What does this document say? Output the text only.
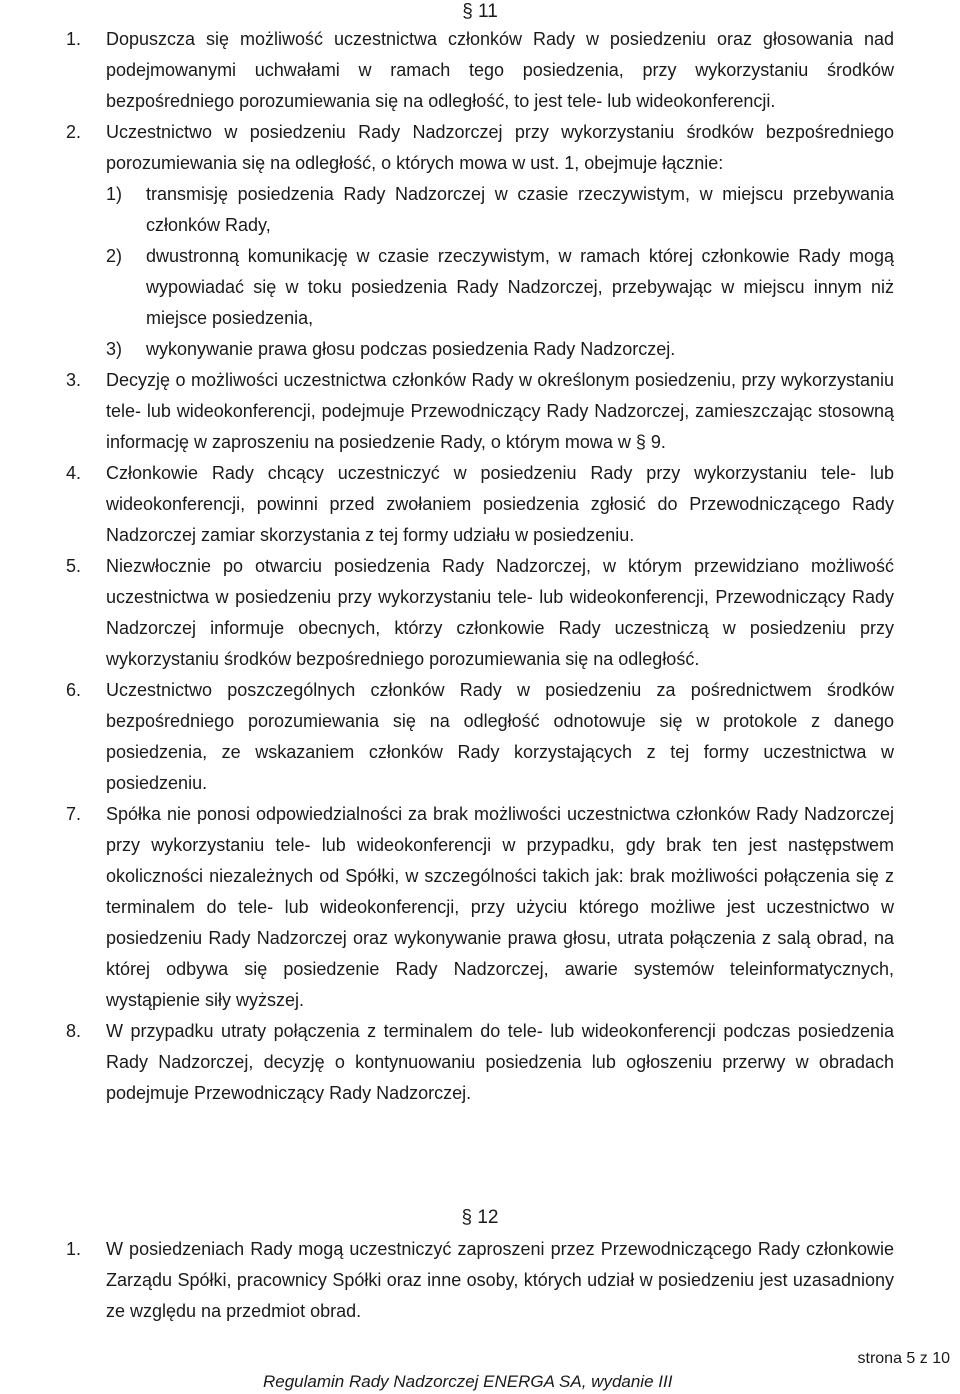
§ 11
1. Dopuszcza się możliwość uczestnictwa członków Rady w posiedzeniu oraz głosowania nad podejmowanymi uchwałami w ramach tego posiedzenia, przy wykorzystaniu środków bezpośredniego porozumiewania się na odległość, to jest tele- lub wideokonferencji.
2. Uczestnictwo w posiedzeniu Rady Nadzorczej przy wykorzystaniu środków bezpośredniego porozumiewania się na odległość, o których mowa w ust. 1, obejmuje łącznie:
1) transmisję posiedzenia Rady Nadzorczej w czasie rzeczywistym, w miejscu przebywania członków Rady,
2) dwustronną komunikację w czasie rzeczywistym, w ramach której członkowie Rady mogą wypowiadać się w toku posiedzenia Rady Nadzorczej, przebywając w miejscu innym niż miejsce posiedzenia,
3) wykonywanie prawa głosu podczas posiedzenia Rady Nadzorczej.
3. Decyzję o możliwości uczestnictwa członków Rady w określonym posiedzeniu, przy wykorzystaniu tele- lub wideokonferencji, podejmuje Przewodniczący Rady Nadzorczej, zamieszczając stosowną informację w zaproszeniu na posiedzenie Rady, o którym mowa w § 9.
4. Członkowie Rady chcący uczestniczyć w posiedzeniu Rady przy wykorzystaniu tele- lub wideokonferencji, powinni przed zwołaniem posiedzenia zgłosić do Przewodniczącego Rady Nadzorczej zamiar skorzystania z tej formy udziału w posiedzeniu.
5. Niezwłocznie po otwarciu posiedzenia Rady Nadzorczej, w którym przewidziano możliwość uczestnictwa w posiedzeniu przy wykorzystaniu tele- lub wideokonferencji, Przewodniczący Rady Nadzorczej informuje obecnych, którzy członkowie Rady uczestniczą w posiedzeniu przy wykorzystaniu środków bezpośredniego porozumiewania się na odległość.
6. Uczestnictwo poszczególnych członków Rady w posiedzeniu za pośrednictwem środków bezpośredniego porozumiewania się na odległość odnotowuje się w protokole z danego posiedzenia, ze wskazaniem członków Rady korzystających z tej formy uczestnictwa w posiedzeniu.
7. Spółka nie ponosi odpowiedzialności za brak możliwości uczestnictwa członków Rady Nadzorczej przy wykorzystaniu tele- lub wideokonferencji w przypadku, gdy brak ten jest następstwem okoliczności niezależnych od Spółki, w szczególności takich jak: brak możliwości połączenia się z terminalem do tele- lub wideokonferencji, przy użyciu którego możliwe jest uczestnictwo w posiedzeniu Rady Nadzorczej oraz wykonywanie prawa głosu, utrata połączenia z salą obrad, na której odbywa się posiedzenie Rady Nadzorczej, awarie systemów teleinformatycznych, wystąpienie siły wyższej.
8. W przypadku utraty połączenia z terminalem do tele- lub wideokonferencji podczas posiedzenia Rady Nadzorczej, decyzję o kontynuowaniu posiedzenia lub ogłoszeniu przerwy w obradach podejmuje Przewodniczący Rady Nadzorczej.
§ 12
1. W posiedzeniach Rady mogą uczestniczyć zaproszeni przez Przewodniczącego Rady członkowie Zarządu Spółki, pracownicy Spółki oraz inne osoby, których udział w posiedzeniu jest uzasadniony ze względu na przedmiot obrad.
strona 5 z 10
Regulamin Rady Nadzorczej ENERGA SA, wydanie III
